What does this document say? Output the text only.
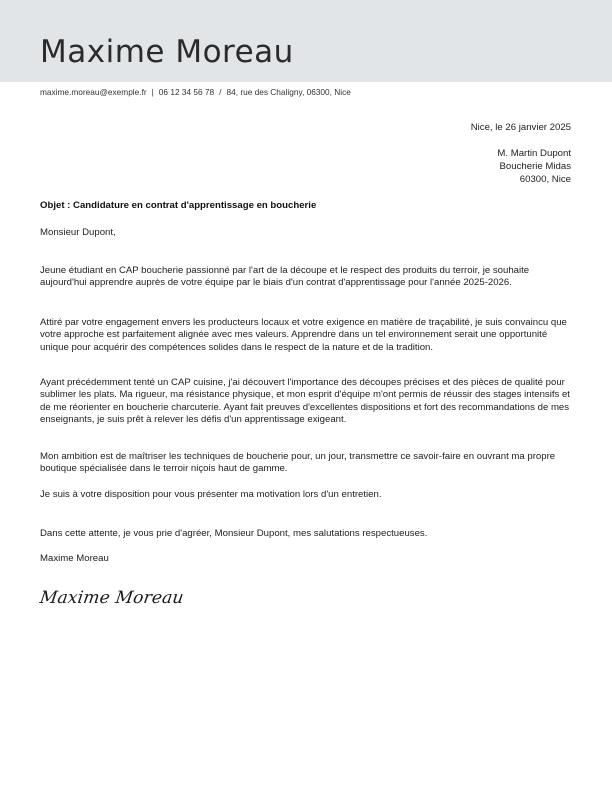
Maxime Moreau
maxime.moreau@exemple.fr | 06 12 34 56 78 / 84, rue des Chaligny, 06300, Nice
Nice, le 26 janvier 2025
M. Martin Dupont
Boucherie Midas
60300, Nice
Objet : Candidature en contrat d'apprentissage en boucherie
Monsieur Dupont,

Jeune étudiant en CAP boucherie passionné par l'art de la découpe et le respect des produits du terroir, je souhaite aujourd'hui apprendre auprès de votre équipe par le biais d'un contrat d'apprentissage pour l'année 2025-2026.

Attiré par votre engagement envers les producteurs locaux et votre exigence en matière de traçabilité, je suis convaincu que votre approche est parfaitement alignée avec mes valeurs. Apprendre dans un tel environnement serait une opportunité unique pour acquérir des compétences solides dans le respect de la nature et de la tradition.

Ayant précédemment tenté un CAP cuisine, j'ai découvert l'importance des découpes précises et des pièces de qualité pour sublimer les plats. Ma rigueur, ma résistance physique, et mon esprit d'équipe m'ont permis de réussir des stages intensifs et de me réorienter en boucherie charcuterie. Ayant fait preuves d'excellentes dispositions et fort des recommandations de mes enseignants, je suis prêt à relever les défis d'un apprentissage exigeant.

Mon ambition est de maîtriser les techniques de boucherie pour, un jour, transmettre ce savoir-faire en ouvrant ma propre boutique spécialisée dans le terroir niçois haut de gamme.

Je suis à votre disposition pour vous présenter ma motivation lors d'un entretien.

Dans cette attente, je vous prie d'agréer, Monsieur Dupont, mes salutations respectueuses.

Maxime Moreau

Maxime Moreau
